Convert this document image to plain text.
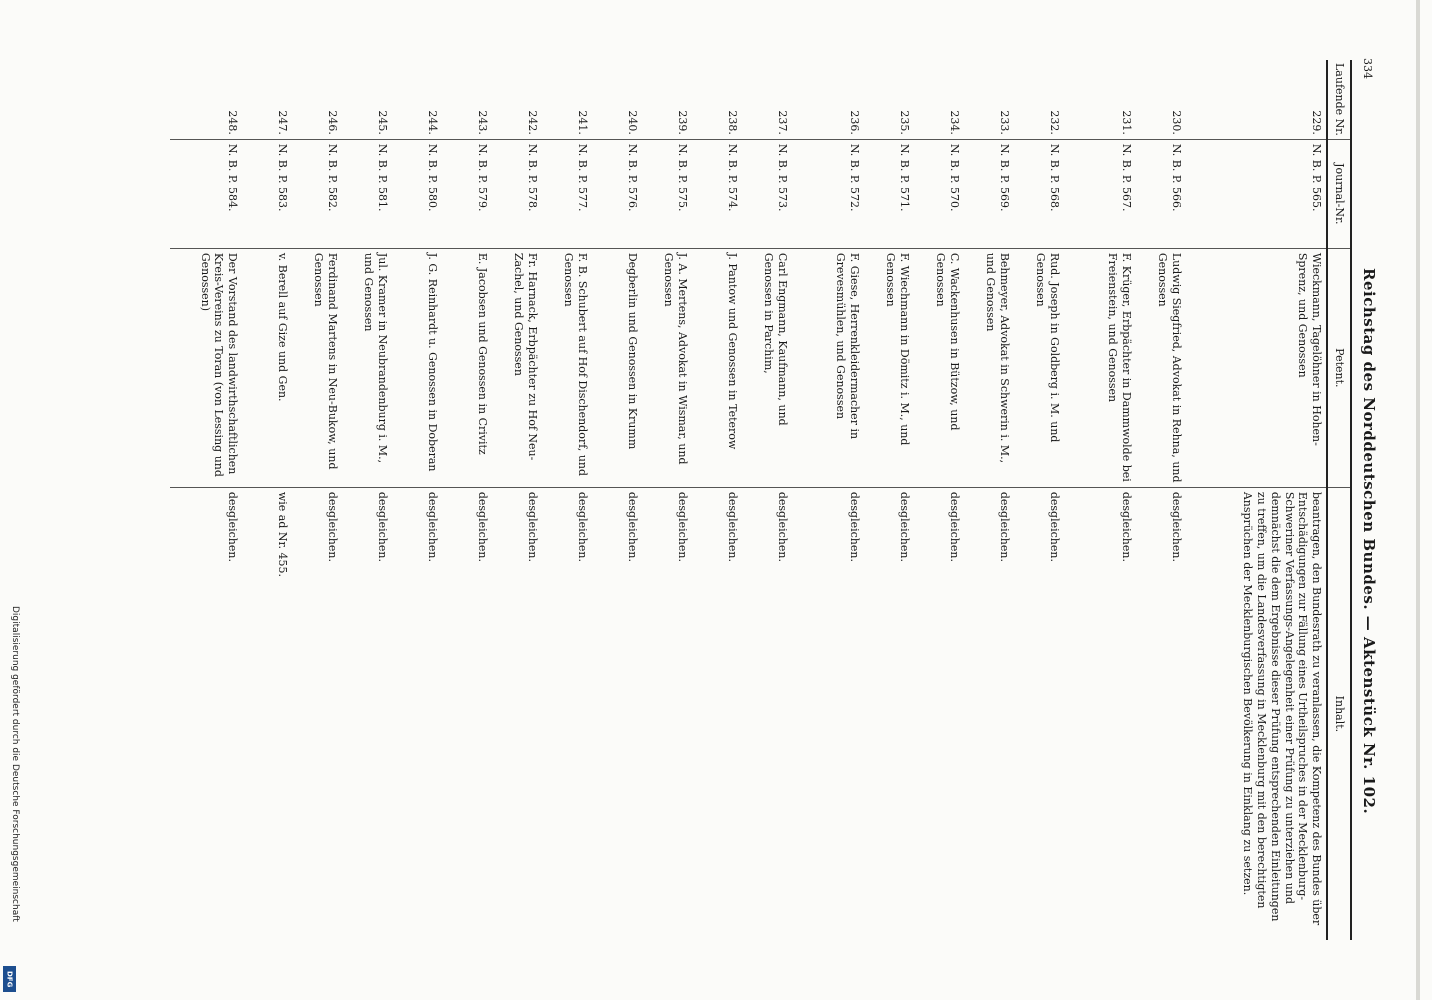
334
Reichstag des Norddeutschen Bundes. — Aktenstück Nr. 102.
Laufende Nr.	Journal-Nr.	Petent.	Inhalt.
229.	N. B. P. 565.	Wieckmann, Tagelöhner in Hohen-Sprenz, und Genossen	beantragen, den Bundesrath zu veranlassen, die Kompetenz des Bundes über Entschädigungen zur Fällung eines Urtheilspruches in der Mecklenburg-Schweriner Verfassungs-Angelegenheit einer Prüfung zu unterziehen und demnächst die dem Ergebnisse dieser Prüfung entsprechenden Einleitungen zu treffen, um die Landesverfassung in Mecklenburg mit den berechtigten Ansprüchen der Mecklenburgischen Bevölkerung in Einklang zu setzen.
230.	N. B. P. 566.	Ludwig Siegfried, Advokat in Rehna, und Genossen	desgleichen.
231.	N. B. P. 567.	F. Krüger, Erbpächter in Dammwolde bei Freienstein, und Genossen	desgleichen.
232.	N. B. P. 568.	Rud. Joseph in Goldberg i. M. und Genossen	desgleichen.
233.	N. B. P. 569.	Behmeyer, Advokat in Schwerin i. M., und Genossen	desgleichen.
234.	N. B. P. 570.	C. Wackenhusen in Bützow, und Genossen	desgleichen.
235.	N. B. P. 571.	F. Wiechmann in Dömitz i. M., und Genossen	desgleichen.
236.	N. B. P. 572.	F. Giese, Herrenkleidermacher in Grevesmühlen, und Genossen	desgleichen.
237.	N. B. P. 573.	Carl Engmann, Kaufmann, und Genossen in Parchim,	desgleichen.
238.	N. B. P. 574.	J. Pantow und Genossen in Teterow	desgleichen.
239.	N. B. P. 575.	J. A. Mertens, Advokat in Wismar, und Genossen	desgleichen.
240.	N. B. P. 576.	Degberlin und Genossen in Krumm	desgleichen.
241.	N. B. P. 577.	F. B. Schubert auf Hof Dischendorf, und Genossen	desgleichen.
242.	N. B. P. 578.	Fr. Harnack, Erbpächter zu Hof Neu-Zachel, und Genossen	desgleichen.
243.	N. B. P. 579.	E. Jacobsen und Genossen in Crivitz	desgleichen.
244.	N. B. P. 580.	J. G. Reinhardt u. Genossen in Doberan	desgleichen.
245.	N. B. P. 581.	Jul. Kramer in Neubrandenburg i. M., und Genossen	desgleichen.
246.	N. B. P. 582.	Ferdinand Martens in Neu-Bukow, und Genossen	desgleichen.
247.	N. B. P. 583.	v. Berell auf Gize und Gen.	wie ad Nr. 455.
248.	N. B. P. 584.	Der Vorstand des landwirthschaftlichen Kreis-Vereins zu Toran (von Lessing und Genossen)	desgleichen.
Digitalisierung gefördert durch die Deutsche Forschungsgemeinschaft
DFG
